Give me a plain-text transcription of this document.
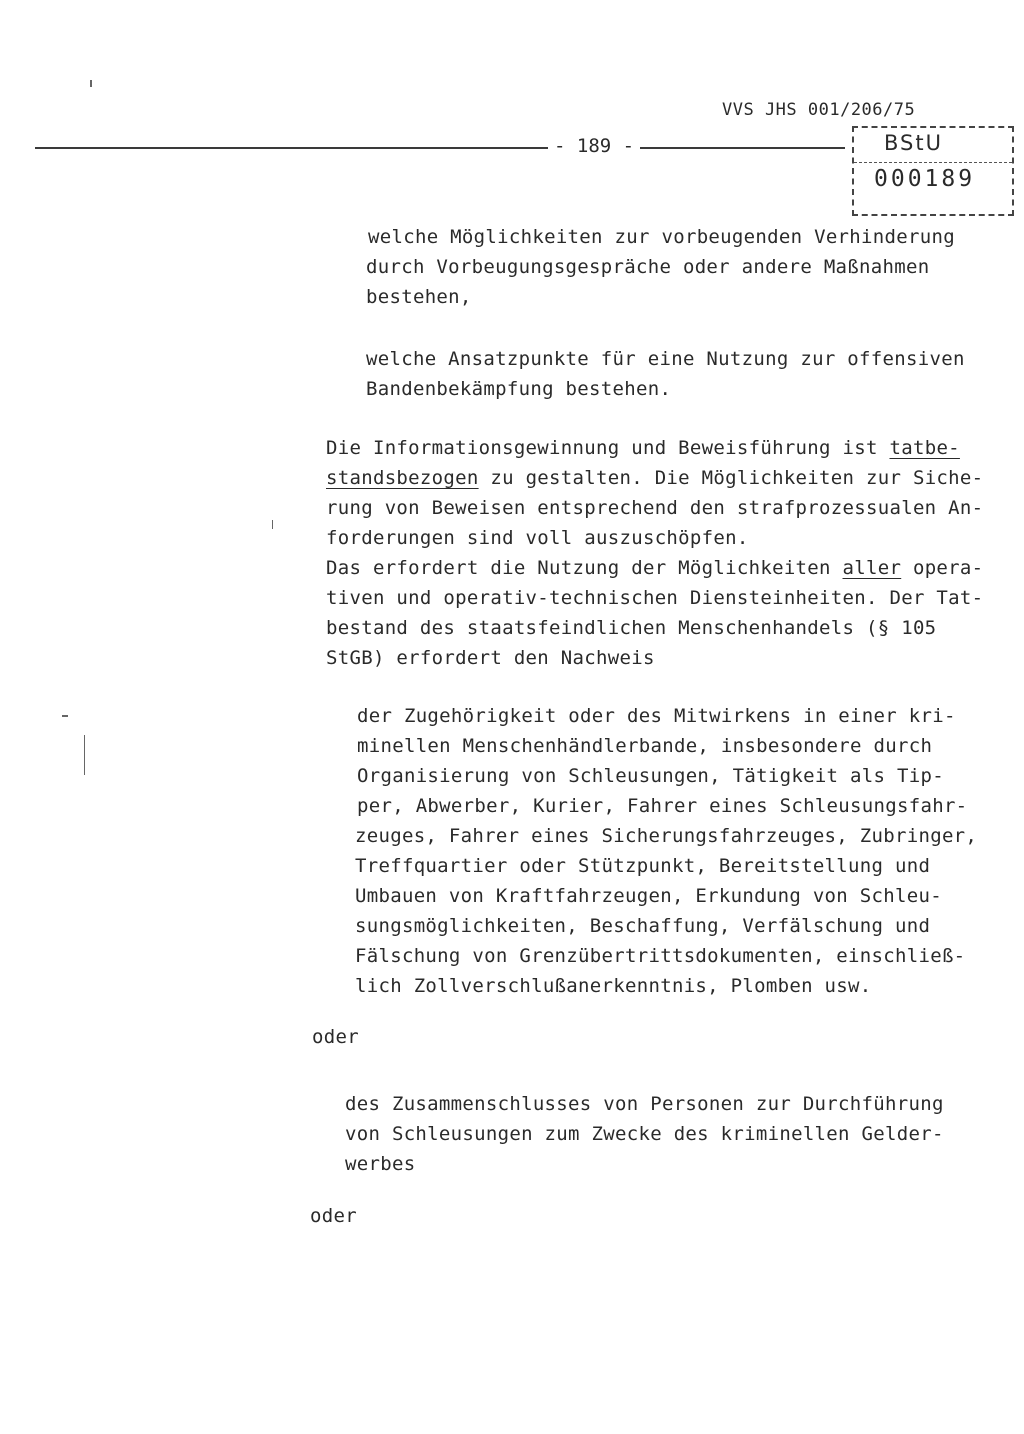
VVS JHS 001/206/75
- 189 -	BStU
000189
welche Möglichkeiten zur vorbeugenden Verhinderung
durch Vorbeugungsgespräche oder andere Maßnahmen
bestehen,
welche Ansatzpunkte für eine Nutzung zur offensiven
Bandenbekämpfung bestehen.
Die Informationsgewinnung und Beweisführung ist tatbe-
standsbezogen zu gestalten. Die Möglichkeiten zur Siche-
rung von Beweisen entsprechend den strafprozessualen An-
forderungen sind voll auszuschöpfen.
Das erfordert die Nutzung der Möglichkeiten aller opera-
tiven und operativ-technischen Diensteinheiten. Der Tat-
bestand des staatsfeindlichen Menschenhandels (§ 105
StGB) erfordert den Nachweis
der Zugehörigkeit oder des Mitwirkens in einer kri-
minellen Menschenhändlerbande, insbesondere durch
Organisierung von Schleusungen, Tätigkeit als Tip-
per, Abwerber, Kurier, Fahrer eines Schleusungsfahr-
zeuges, Fahrer eines Sicherungsfahrzeuges, Zubringer,
Treffquartier oder Stützpunkt, Bereitstellung und
Umbauen von Kraftfahrzeugen, Erkundung von Schleu-
sungsmöglichkeiten, Beschaffung, Verfälschung und
Fälschung von Grenzübertrittsdokumenten, einschließ-
lich Zollverschlußanerkenntnis, Plomben usw.
oder
des Zusammenschlusses von Personen zur Durchführung
von Schleusungen zum Zwecke des kriminellen Gelder-
werbes
oder
